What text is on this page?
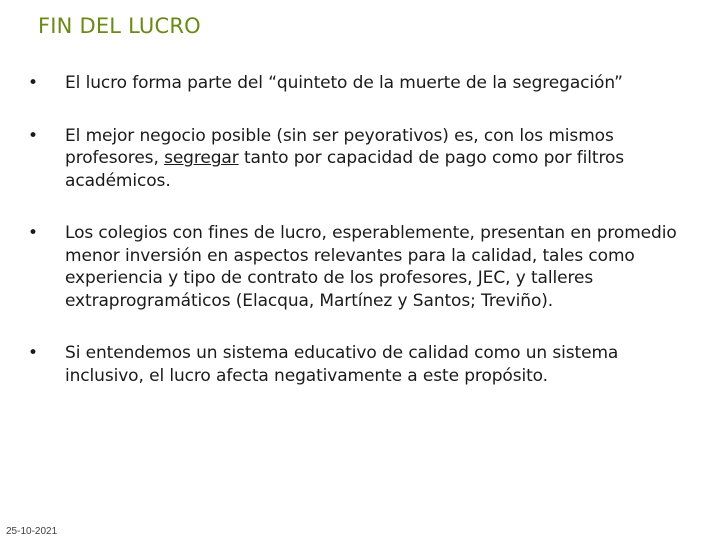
FIN DEL LUCRO
•	El lucro forma parte del “quinteto de la muerte de la segregación”
•	El mejor negocio posible (sin ser peyorativos) es, con los mismos profesores, segregar tanto por capacidad de pago como por filtros académicos.
•	Los colegios con fines de lucro, esperablemente, presentan en promedio menor inversión en aspectos relevantes para la calidad, tales como experiencia y tipo de contrato de los profesores, JEC, y talleres extraprogramáticos (Elacqua, Martínez y Santos; Treviño).
•	Si entendemos un sistema educativo de calidad como un sistema inclusivo, el lucro afecta negativamente a este propósito.
25-10-2021
